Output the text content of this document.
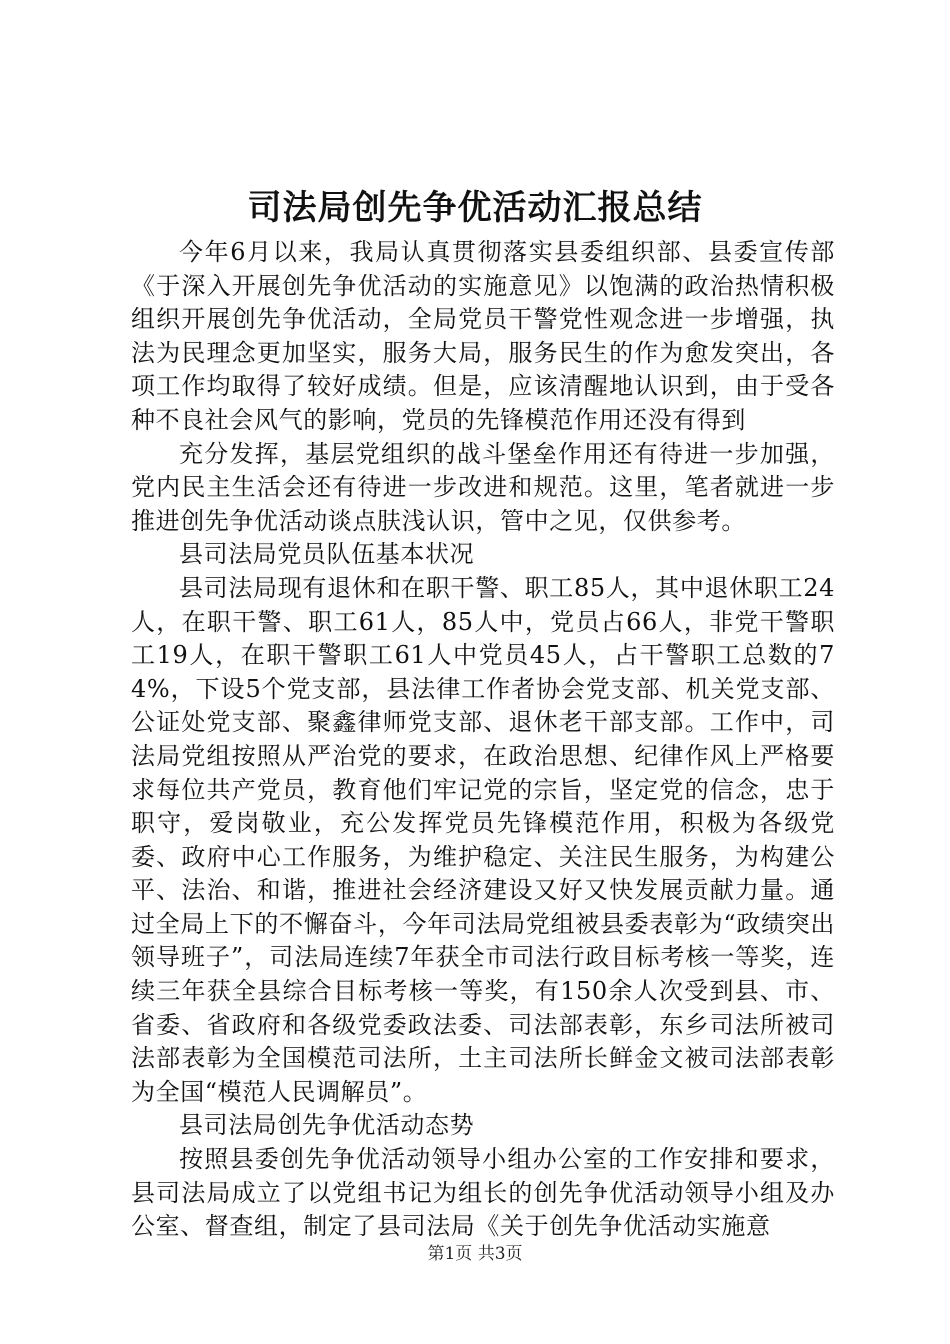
司法局创先争优活动汇报总结

今年6月以来，我局认真贯彻落实县委组织部、县委宣传部《于深入开展创先争优活动的实施意见》以饱满的政治热情积极组织开展创先争优活动，全局党员干警党性观念进一步增强，执法为民理念更加坚实，服务大局，服务民生的作为愈发突出，各项工作均取得了较好成绩。但是，应该清醒地认识到，由于受各种不良社会风气的影响，党员的先锋模范作用还没有得到

充分发挥，基层党组织的战斗堡垒作用还有待进一步加强，党内民主生活会还有待进一步改进和规范。这里，笔者就进一步推进创先争优活动谈点肤浅认识，管中之见，仅供参考。

县司法局党员队伍基本状况

县司法局现有退休和在职干警、职工85人，其中退休职工24人，在职干警、职工61人，85人中，党员占66人，非党干警职工19人，在职干警职工61人中党员45人，占干警职工总数的74%，下设5个党支部，县法律工作者协会党支部、机关党支部、公证处党支部、聚鑫律师党支部、退休老干部支部。工作中，司法局党组按照从严治党的要求，在政治思想、纪律作风上严格要求每位共产党员，教育他们牢记党的宗旨，坚定党的信念，忠于职守，爱岗敬业，充公发挥党员先锋模范作用，积极为各级党委、政府中心工作服务，为维护稳定、关注民生服务，为构建公平、法治、和谐，推进社会经济建设又好又快发展贡献力量。通过全局上下的不懈奋斗，今年司法局党组被县委表彰为“政绩突出领导班子”，司法局连续7年获全市司法行政目标考核一等奖，连续三年获全县综合目标考核一等奖，有150余人次受到县、市、省委、省政府和各级党委政法委、司法部表彰，东乡司法所被司法部表彰为全国模范司法所，土主司法所长鲜金文被司法部表彰为全国“模范人民调解员”。

县司法局创先争优活动态势

按照县委创先争优活动领导小组办公室的工作安排和要求，县司法局成立了以党组书记为组长的创先争优活动领导小组及办公室、督查组，制定了县司法局《关于创先争优活动实施意

第1页 共3页
